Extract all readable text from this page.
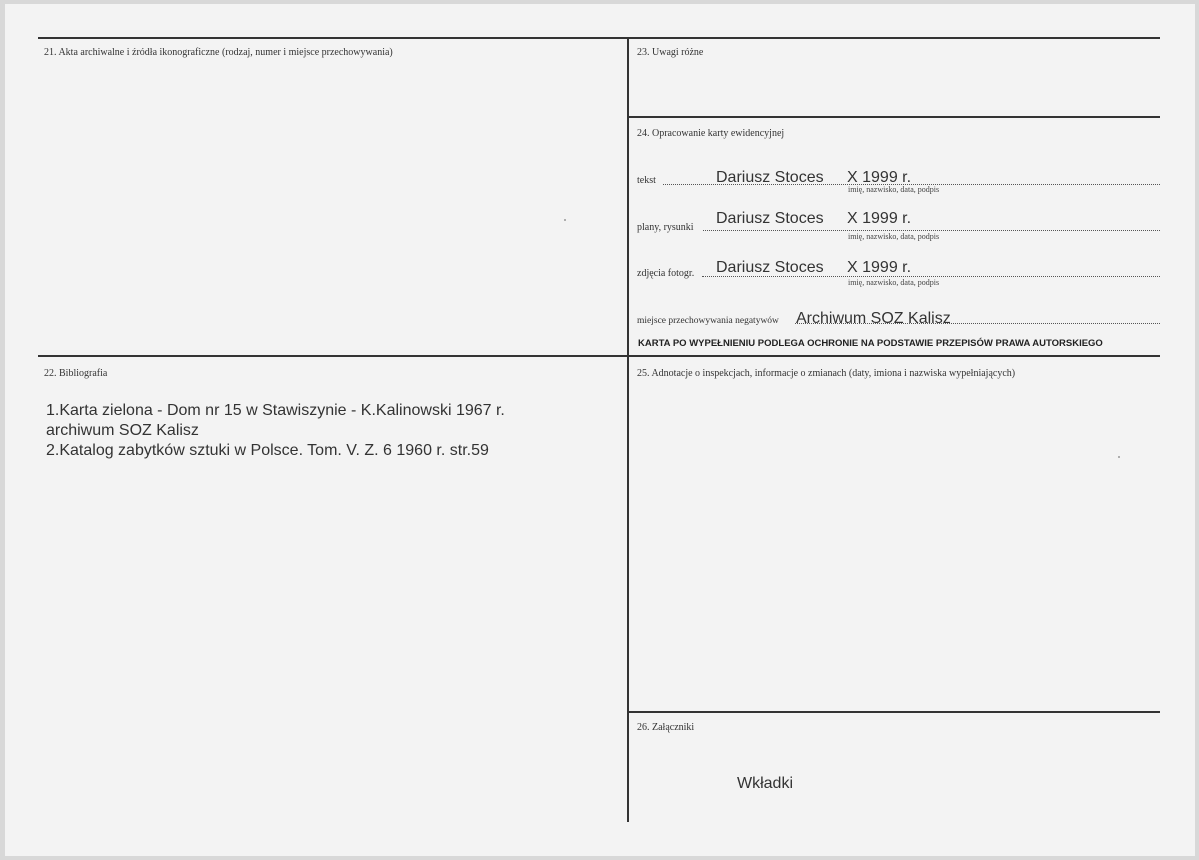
21. Akta archiwalne i źródła ikonograficzne (rodzaj, numer i miejsce przechowywania)	23. Uwagi różne
24. Opracowanie karty ewidencyjnej
tekst	Dariusz Stoces X 1999 r.
imię, nazwisko, data, podpis
plany, rysunki
Dariusz Stoces X 1999 r.
imię, nazwisko, data, podpis
zdjęcia fotogr. Dariusz Stoces X 1999 r.
imię, nazwisko, data, podpis
miejsce przechowywania negatywów Archiwum SOZ Kalisz
KARTA PO WYPEŁNIENIU PODLEGA OCHRONIE NA PODSTAWIE PRZEPISÓW PRAWA AUTORSKIEGO
22. Bibliografia
1.Karta zielona - Dom nr 15 w Stawiszynie - K.Kalinowski 1967 r.
archiwum SOZ Kalisz
2.Katalog zabytków sztuki w Polsce. Tom. V. Z. 6 1960 r. str.59
25. Adnotacje o inspekcjach, informacje o zmianach (daty, imiona i nazwiska wypełniających)
26. Załączniki
Wkładki
